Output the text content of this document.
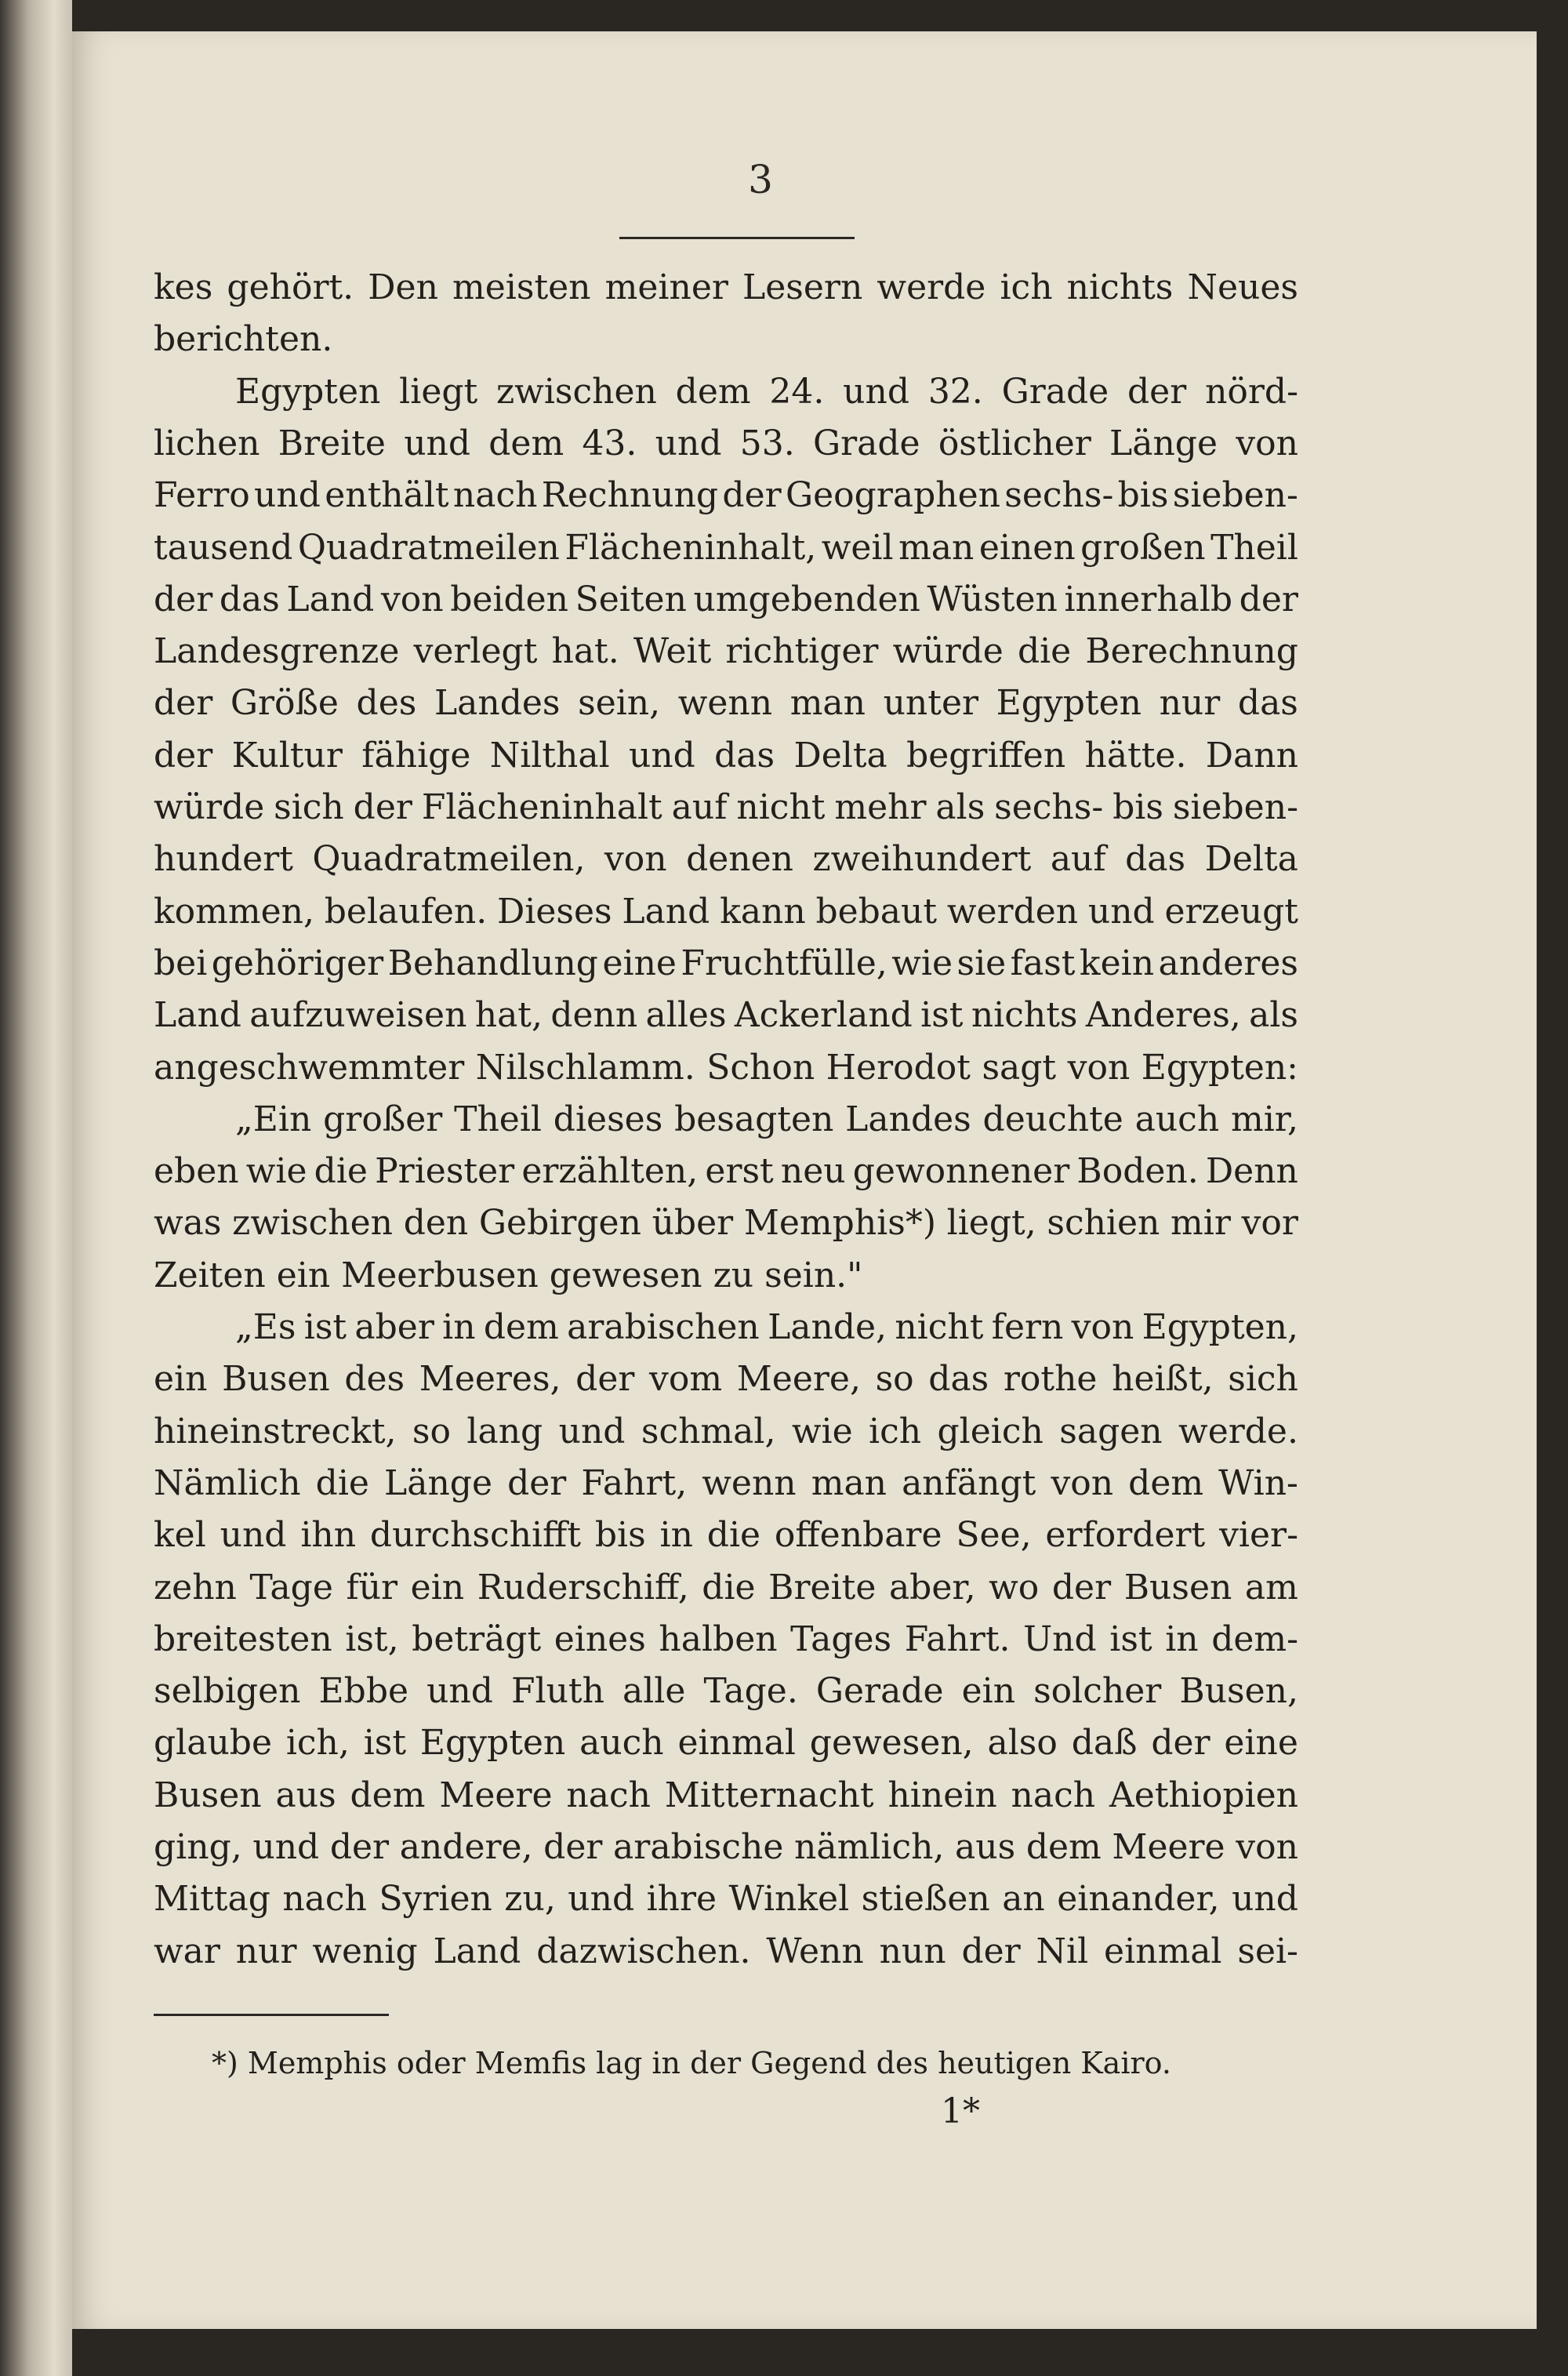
3
kes gehört. Den meisten meiner Lesern werde ich nichts Neues
berichten.
Egypten liegt zwischen dem 24. und 32. Grade der nörd-
lichen Breite und dem 43. und 53. Grade östlicher Länge von
Ferro und enthält nach Rechnung der Geographen sechs- bis sieben-
tausend Quadratmeilen Flächeninhalt, weil man einen großen Theil
der das Land von beiden Seiten umgebenden Wüsten innerhalb der
Landesgrenze verlegt hat. Weit richtiger würde die Berechnung
der Größe des Landes sein, wenn man unter Egypten nur das
der Kultur fähige Nilthal und das Delta begriffen hätte. Dann
würde sich der Flächeninhalt auf nicht mehr als sechs- bis sieben-
hundert Quadratmeilen, von denen zweihundert auf das Delta
kommen, belaufen. Dieses Land kann bebaut werden und erzeugt
bei gehöriger Behandlung eine Fruchtfülle, wie sie fast kein anderes
Land aufzuweisen hat, denn alles Ackerland ist nichts Anderes, als
angeschwemmter Nilschlamm. Schon Herodot sagt von Egypten:
„Ein großer Theil dieses besagten Landes deuchte auch mir,
eben wie die Priester erzählten, erst neu gewonnener Boden. Denn
was zwischen den Gebirgen über Memphis*) liegt, schien mir vor
Zeiten ein Meerbusen gewesen zu sein."
„Es ist aber in dem arabischen Lande, nicht fern von Egypten,
ein Busen des Meeres, der vom Meere, so das rothe heißt, sich
hineinstreckt, so lang und schmal, wie ich gleich sagen werde.
Nämlich die Länge der Fahrt, wenn man anfängt von dem Win-
kel und ihn durchschifft bis in die offenbare See, erfordert vier-
zehn Tage für ein Ruderschiff, die Breite aber, wo der Busen am
breitesten ist, beträgt eines halben Tages Fahrt. Und ist in dem-
selbigen Ebbe und Fluth alle Tage. Gerade ein solcher Busen,
glaube ich, ist Egypten auch einmal gewesen, also daß der eine
Busen aus dem Meere nach Mitternacht hinein nach Aethiopien
ging, und der andere, der arabische nämlich, aus dem Meere von
Mittag nach Syrien zu, und ihre Winkel stießen an einander, und
war nur wenig Land dazwischen. Wenn nun der Nil einmal sei-
*) Memphis oder Memfis lag in der Gegend des heutigen Kairo.
1*
